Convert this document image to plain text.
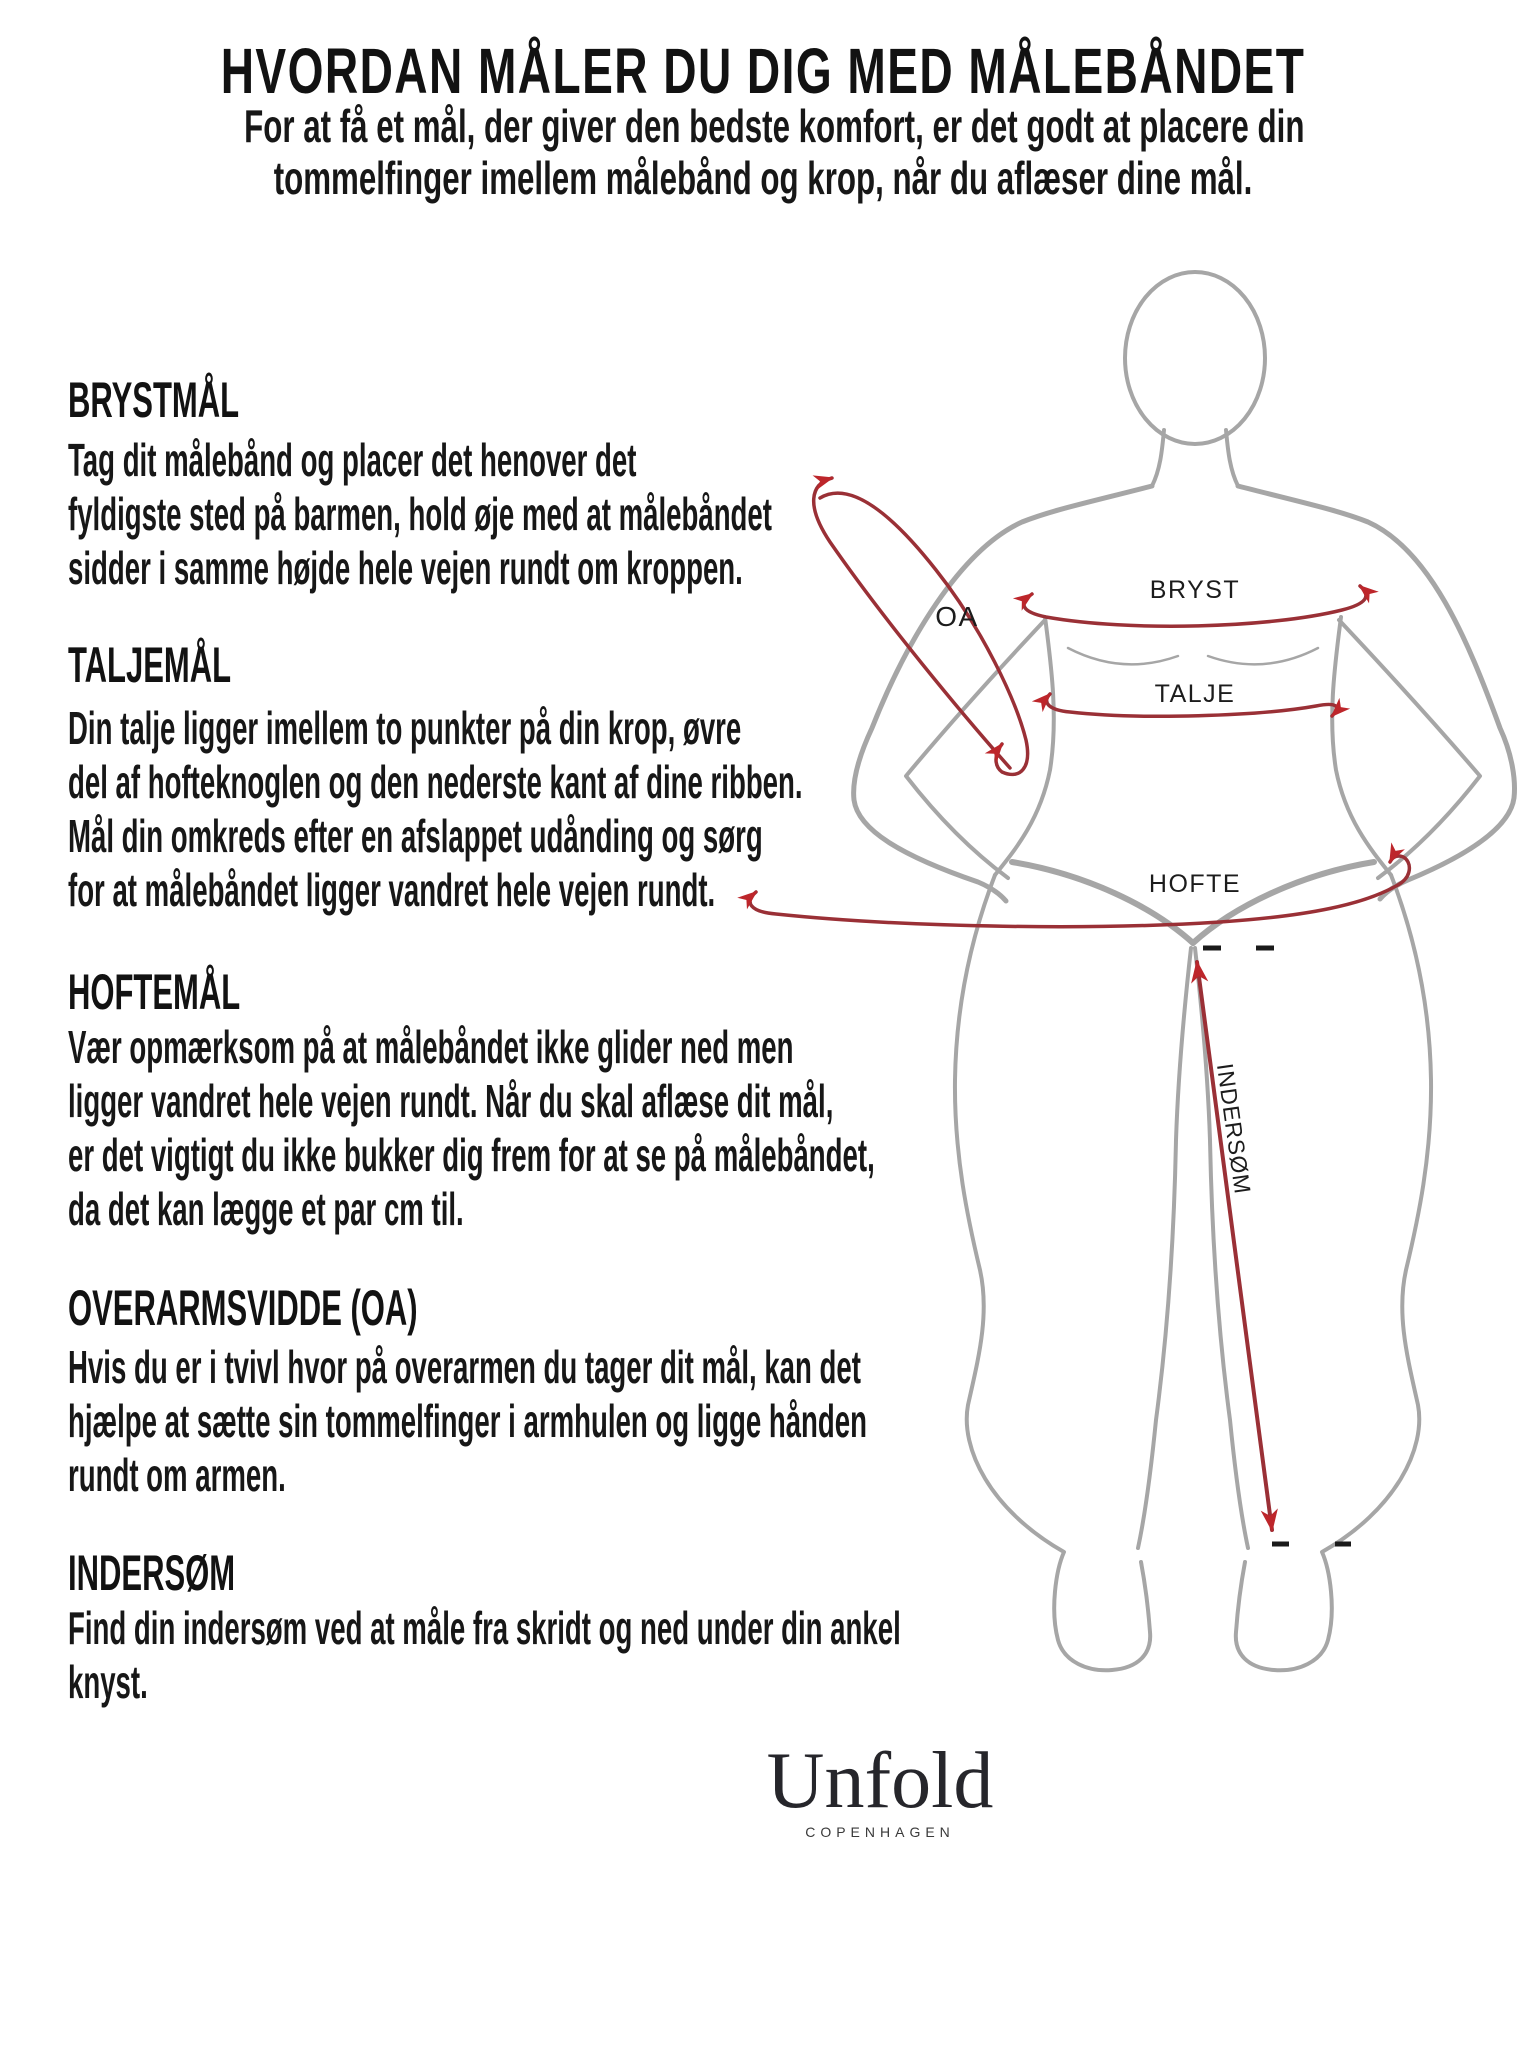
HVORDAN MÅLER DU DIG MED MÅLEBÅNDET
For at få et mål, der giver den bedste komfort, er det godt at placere din
tommelfinger imellem målebånd og krop, når du aflæser dine mål.
BRYSTMÅL
Tag dit målebånd og placer det henover det
fyldigste sted på barmen, hold øje med at målebåndet
sidder i samme højde hele vejen rundt om kroppen.
TALJEMÅL
Din talje ligger imellem to punkter på din krop, øvre
del af hofteknoglen og den nederste kant af dine ribben.
Mål din omkreds efter en afslappet udånding og sørg
for at målebåndet ligger vandret hele vejen rundt.
HOFTEMÅL
Vær opmærksom på at målebåndet ikke glider ned men
ligger vandret hele vejen rundt. Når du skal aflæse dit mål,
er det vigtigt du ikke bukker dig frem for at se på målebåndet,
da det kan lægge et par cm til.
OVERARMSVIDDE (OA)
Hvis du er i tvivl hvor på overarmen du tager dit mål, kan det
hjælpe at sætte sin tommelfinger i armhulen og ligge hånden
rundt om armen.
INDERSØM
Find din indersøm ved at måle fra skridt og ned under din ankel
knyst.
OA
BRYST
TALJE
HOFTE
INDERSØM
Unfold
COPENHAGEN
